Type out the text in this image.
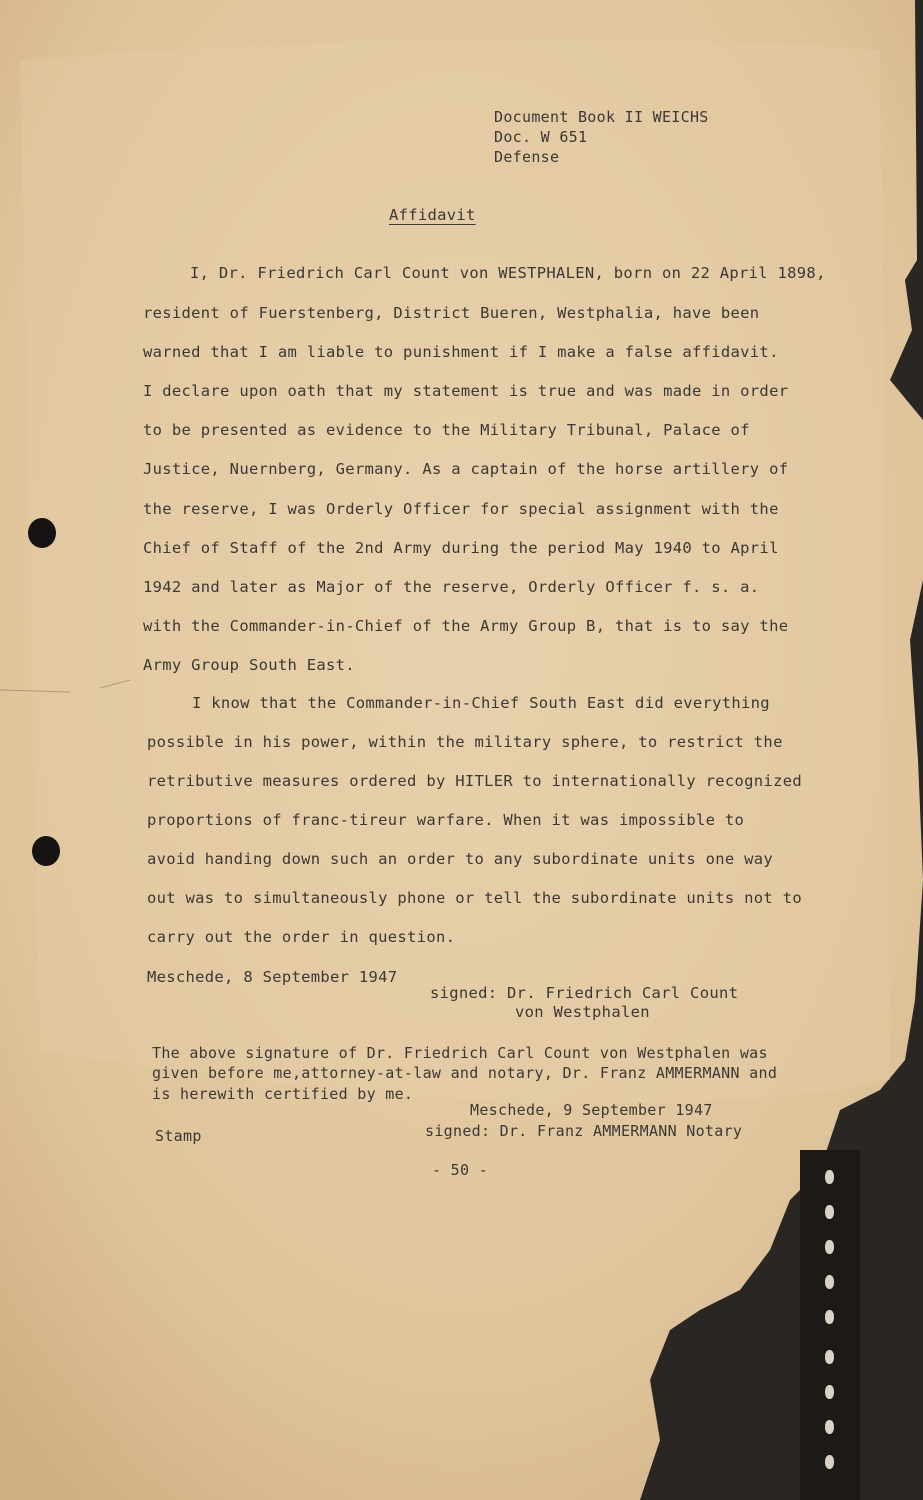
Document Book II WEICHS
Doc. W 651
Defense
Affidavit
I, Dr. Friedrich Carl Count von WESTPHALEN, born on 22 April 1898,
resident of Fuerstenberg, District Bueren, Westphalia, have been
warned that I am liable to punishment if I make a false affidavit.
I declare upon oath that my statement is true and was made in order
to be presented as evidence to the Military Tribunal, Palace of
Justice, Nuernberg, Germany. As a captain of the horse artillery of
the reserve, I was Orderly Officer for special assignment with the
Chief of Staff of the 2nd Army during the period May 1940 to April
1942 and later as Major of the reserve, Orderly Officer f. s. a.
with the Commander-in-Chief of the Army Group B, that is to say the
Army Group South East.
I know that the Commander-in-Chief South East did everything
possible in his power, within the military sphere, to restrict the
retributive measures ordered by HITLER to internationally recognized
proportions of franc-tireur warfare. When it was impossible to
avoid handing down such an order to any subordinate units one way
out was to simultaneously phone or tell the subordinate units not to
carry out the order in question.
Meschede, 8 September 1947
signed: Dr. Friedrich Carl Count
von Westphalen
The above signature of Dr. Friedrich Carl Count von Westphalen was
given before me,attorney-at-law and notary, Dr. Franz AMMERMANN and
is herewith certified by me.
Meschede, 9 September 1947
signed: Dr. Franz AMMERMANN Notary
Stamp
- 50 -
